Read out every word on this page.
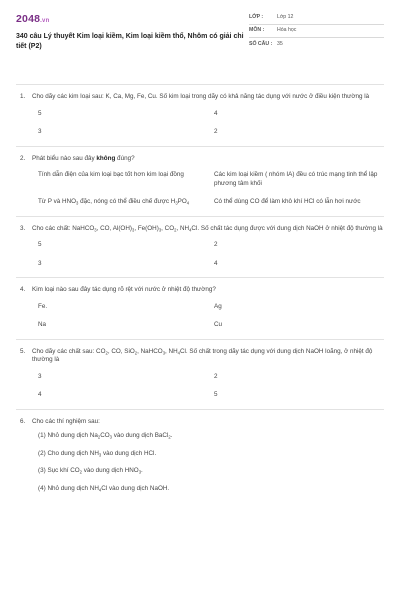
2048.vn
340 câu Lý thuyết Kim loại kiềm, Kim loại kiềm thổ, Nhôm có giải chi tiết (P2)
LỚP :	Lớp 12
MÔN :	Hóa học
SỐ CÂU : 35
1.	Cho dãy các kim loại sau: K, Ca, Mg, Fe, Cu. Số kim loại trong dãy có khả năng tác dụng với nước ở điều kiện thường là
5	4
3	2
2.	Phát biểu nào sau đây không đúng?
Tính dẫn điện của kim loại bạc tốt hơn kim loại đồng	Các kim loại kiềm ( nhóm IA) đều có trúc mạng tinh thể lập phương tâm khối
Từ P và $HNO_3$ đặc, nóng có thể điều chế được $H_3PO_4$	Có thể dùng CO để làm khô khí HCl có lẫn hơi nước
3.	Cho các chất: NaHCO$_3$, CO, $Al(OH)_3$, $Fe(OH)_3$, $CO_2$, $NH_4Cl$. Số chất tác dụng được với dung dịch NaOH ở nhiệt độ thường là
5	2
3	4
4.	Kim loại nào sau đây tác dụng rõ rệt với nước ở nhiệt độ thường?
Fe.	Ag
Na	Cu
5.	Cho dãy các chất sau: $CO_2$, CO, SiO$_2$, NaHCO$_3$, $NH_4Cl$. Số chất trong dãy tác dụng với dung dịch NaOH loãng, ở nhiệt độ thường là
3	2
4	5
6.	Cho các thí nghiệm sau:
(1) Nhỏ dung dịch $Na_2CO_3$ vào dung dịch BaCl$_2$.
(2) Cho dung dịch $NH_3$ vào dung dịch HCl.
(3) Sục khí $CO_2$ vào dung dịch $HNO_3$.
(4) Nhỏ dung dịch $NH_4Cl$ vào dung dịch NaOH.
